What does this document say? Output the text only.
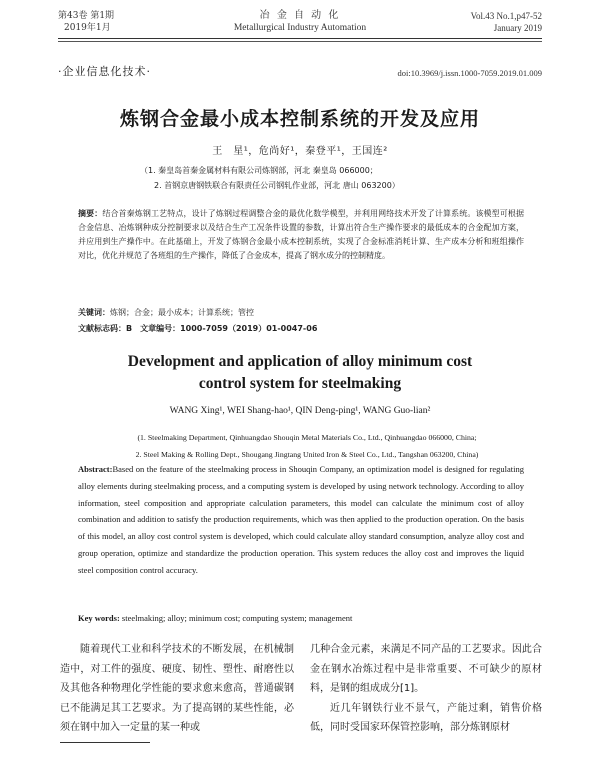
第43卷 第1期
2019年1月
冶 金 自 动 化
Metallurgical Industry Automation
Vol.43 No.1,p47-52
January 2019
·企业信息化技术·	doi:10.3969/j.issn.1000-7059.2019.01.009
炼钢合金最小成本控制系统的开发及应用
王　星¹，危尚好¹，秦登平¹，王国连²
（1. 秦皇岛首秦金属材料有限公司炼钢部，河北 秦皇岛 066000；
2. 首钢京唐钢铁联合有限责任公司钢轧作业部，河北 唐山 063200）
摘要：结合首秦炼钢工艺特点，设计了炼钢过程调整合金的最优化数学模型，并利用网络技术开发了计算系统。该模型可根据合金信息、冶炼钢种成分控制要求以及结合生产工况条件设置的参数，计算出符合生产操作要求的最低成本的合金配加方案，并应用到生产操作中。在此基础上，开发了炼钢合金最小成本控制系统，实现了合金标准消耗计算、生产成本分析和班组操作对比，优化并规范了各班组的生产操作，降低了合金成本，提高了钢水成分的控制精度。
关键词：炼钢；合金；最小成本；计算系统；管控
文献标志码：B　文章编号：1000-7059（2019）01-0047-06
Development and application of alloy minimum cost
control system for steelmaking
WANG Xing¹, WEI Shang-hao¹, QIN Deng-ping¹, WANG Guo-lian²
(1. Steelmaking Department, Qinhuangdao Shouqin Metal Materials Co., Ltd., Qinhuangdao 066000, China;
2. Steel Making & Rolling Dept., Shougang Jingtang United Iron & Steel Co., Ltd., Tangshan 063200, China)
Abstract:Based on the feature of the steelmaking process in Shouqin Company, an optimization model is designed for regulating alloy elements during steelmaking process, and a computing system is developed by using network technology. According to alloy information, steel composition and appropriate calculation parameters, this model can calculate the minimum cost of alloy combination and addition to satisfy the production requirements, which was then applied to the production operation. On the basis of this model, an alloy cost control system is developed, which could calculate alloy standard consumption, analyze alloy cost and group operation, optimize and standardize the production operation. This system reduces the alloy cost and improves the liquid steel composition control accuracy.
Key words: steelmaking; alloy; minimum cost; computing system; management
随着现代工业和科学技术的不断发展，在机械制造中，对工件的强度、硬度、韧性、塑性、耐磨性以及其他各种物理化学性能的要求愈来愈高，普通碳钢已不能满足其工艺要求。为了提高钢的某些性能，必须在钢中加入一定量的某一种或
几种合金元素，来满足不同产品的工艺要求。因此合金在钢水冶炼过程中是非常重要、不可缺少的原材料，是钢的组成成分[1]。
近几年钢铁行业不景气，产能过剩，销售价格低，同时受国家环保管控影响，部分炼钢原材
